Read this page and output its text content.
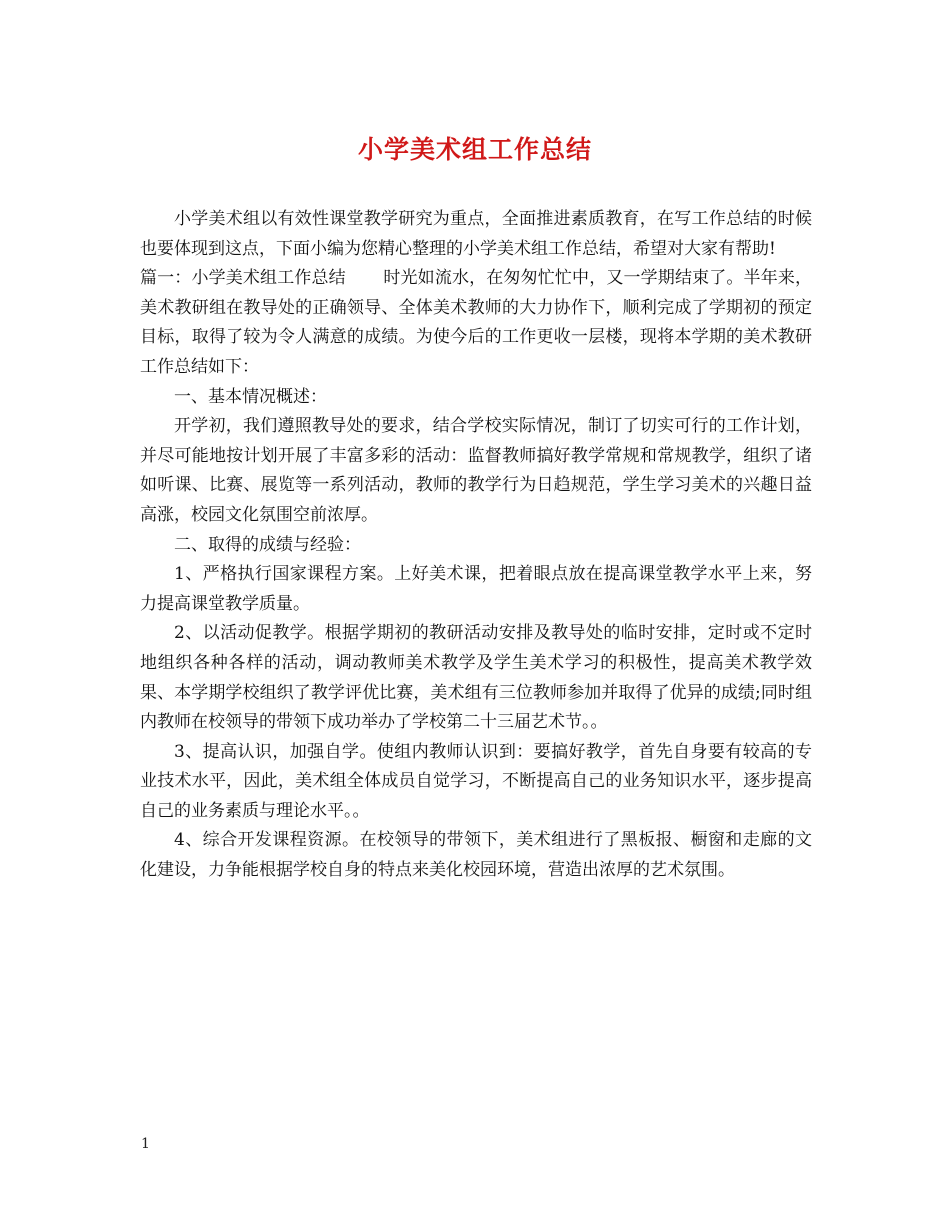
小学美术组工作总结

小学美术组以有效性课堂教学研究为重点，全面推进素质教育，在写工作总结的时候也要体现到这点，下面小编为您精心整理的小学美术组工作总结，希望对大家有帮助!

篇一：小学美术组工作总结 时光如流水，在匆匆忙忙中，又一学期结束了。半年来，美术教研组在教导处的正确领导、全体美术教师的大力协作下，顺利完成了学期初的预定目标，取得了较为令人满意的成绩。为使今后的工作更收一层楼，现将本学期的美术教研工作总结如下：

一、基本情况概述：

开学初，我们遵照教导处的要求，结合学校实际情况，制订了切实可行的工作计划，并尽可能地按计划开展了丰富多彩的活动：监督教师搞好教学常规和常规教学，组织了诸如听课、比赛、展览等一系列活动，教师的教学行为日趋规范，学生学习美术的兴趣日益高涨，校园文化氛围空前浓厚。

二、取得的成绩与经验：

1、严格执行国家课程方案。上好美术课，把着眼点放在提高课堂教学水平上来，努力提高课堂教学质量。

2、以活动促教学。根据学期初的教研活动安排及教导处的临时安排，定时或不定时地组织各种各样的活动，调动教师美术教学及学生美术学习的积极性，提高美术教学效果、本学期学校组织了教学评优比赛，美术组有三位教师参加并取得了优异的成绩;同时组内教师在校领导的带领下成功举办了学校第二十三届艺术节。。

3、提高认识，加强自学。使组内教师认识到：要搞好教学，首先自身要有较高的专业技术水平，因此，美术组全体成员自觉学习，不断提高自己的业务知识水平，逐步提高自己的业务素质与理论水平。。

4、综合开发课程资源。在校领导的带领下，美术组进行了黑板报、橱窗和走廊的文化建设，力争能根据学校自身的特点来美化校园环境，营造出浓厚的艺术氛围。

1
